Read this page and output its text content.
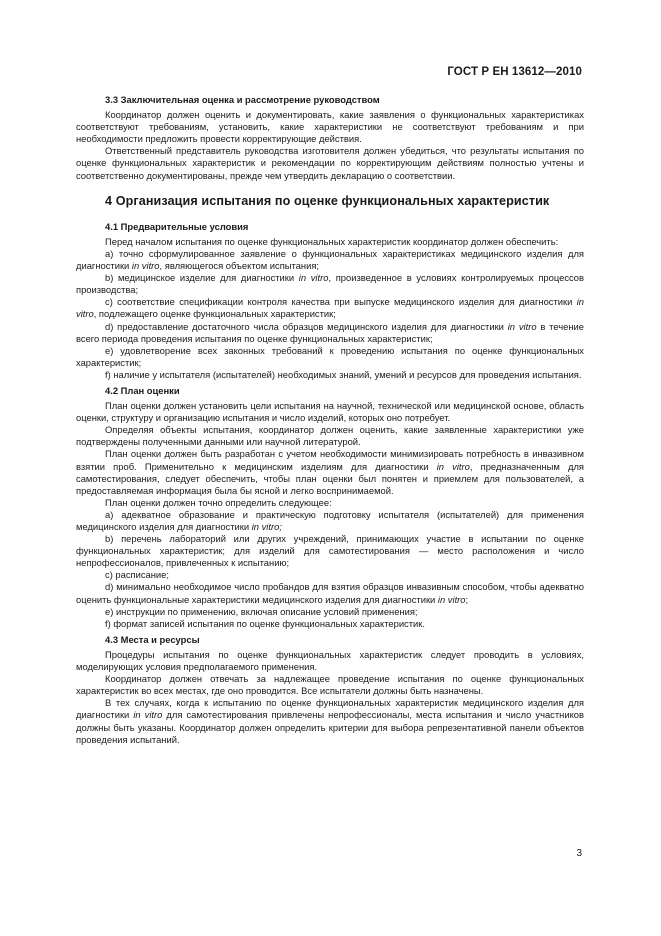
ГОСТ Р ЕН 13612—2010

3.3 Заключительная оценка и рассмотрение руководством

Координатор должен оценить и документировать, какие заявления о функциональных характеристиках соответствуют требованиям, установить, какие характеристики не соответствуют требованиям и при необходимости предложить провести корректирующие действия.

Ответственный представитель руководства изготовителя должен убедиться, что результаты испытания по оценке функциональных характеристик и рекомендации по корректирующим действиям полностью учтены и соответственно документированы, прежде чем утвердить декларацию о соответствии.

4 Организация испытания по оценке функциональных характеристик

4.1 Предварительные условия

Перед началом испытания по оценке функциональных характеристик координатор должен обеспечить:

a) точно сформулированное заявление о функциональных характеристиках медицинского изделия для диагностики in vitro, являющегося объектом испытания;

b) медицинское изделие для диагностики in vitro, произведенное в условиях контролируемых процессов производства;

c) соответствие спецификации контроля качества при выпуске медицинского изделия для диагностики in vitro, подлежащего оценке функциональных характеристик;

d) предоставление достаточного числа образцов медицинского изделия для диагностики in vitro в течение всего периода проведения испытания по оценке функциональных характеристик;

e) удовлетворение всех законных требований к проведению испытания по оценке функциональных характеристик;

f) наличие у испытателя (испытателей) необходимых знаний, умений и ресурсов для проведения испытания.

4.2 План оценки

План оценки должен установить цели испытания на научной, технической или медицинской основе, область оценки, структуру и организацию испытания и число изделий, которых оно потребует.

Определяя объекты испытания, координатор должен оценить, какие заявленные характеристики уже подтверждены полученными данными или научной литературой.

План оценки должен быть разработан с учетом необходимости минимизировать потребность в инвазивном взятии проб. Применительно к медицинским изделиям для диагностики in vitro, предназначенным для самотестирования, следует обеспечить, чтобы план оценки был понятен и приемлем для пользователей, а предоставляемая информация была бы ясной и легко воспринимаемой.

План оценки должен точно определить следующее:

a) адекватное образование и практическую подготовку испытателя (испытателей) для применения медицинского изделия для диагностики in vitro;

b) перечень лабораторий или других учреждений, принимающих участие в испытании по оценке функциональных характеристик; для изделий для самотестирования — место расположения и число непрофессионалов, привлеченных к испытанию;

c) расписание;

d) минимально необходимое число пробандов для взятия образцов инвазивным способом, чтобы адекватно оценить функциональные характеристики медицинского изделия для диагностики in vitro;

e) инструкции по применению, включая описание условий применения;

f) формат записей испытания по оценке функциональных характеристик.

4.3 Места и ресурсы

Процедуры испытания по оценке функциональных характеристик следует проводить в условиях, моделирующих условия предполагаемого применения.

Координатор должен отвечать за надлежащее проведение испытания по оценке функциональных характеристик во всех местах, где оно проводится. Все испытатели должны быть назначены.

В тех случаях, когда к испытанию по оценке функциональных характеристик медицинского изделия для диагностики in vitro для самотестирования привлечены непрофессионалы, места испытания и число участников должны быть указаны. Координатор должен определить критерии для выбора репрезентативной панели объектов проведения испытаний.

3
